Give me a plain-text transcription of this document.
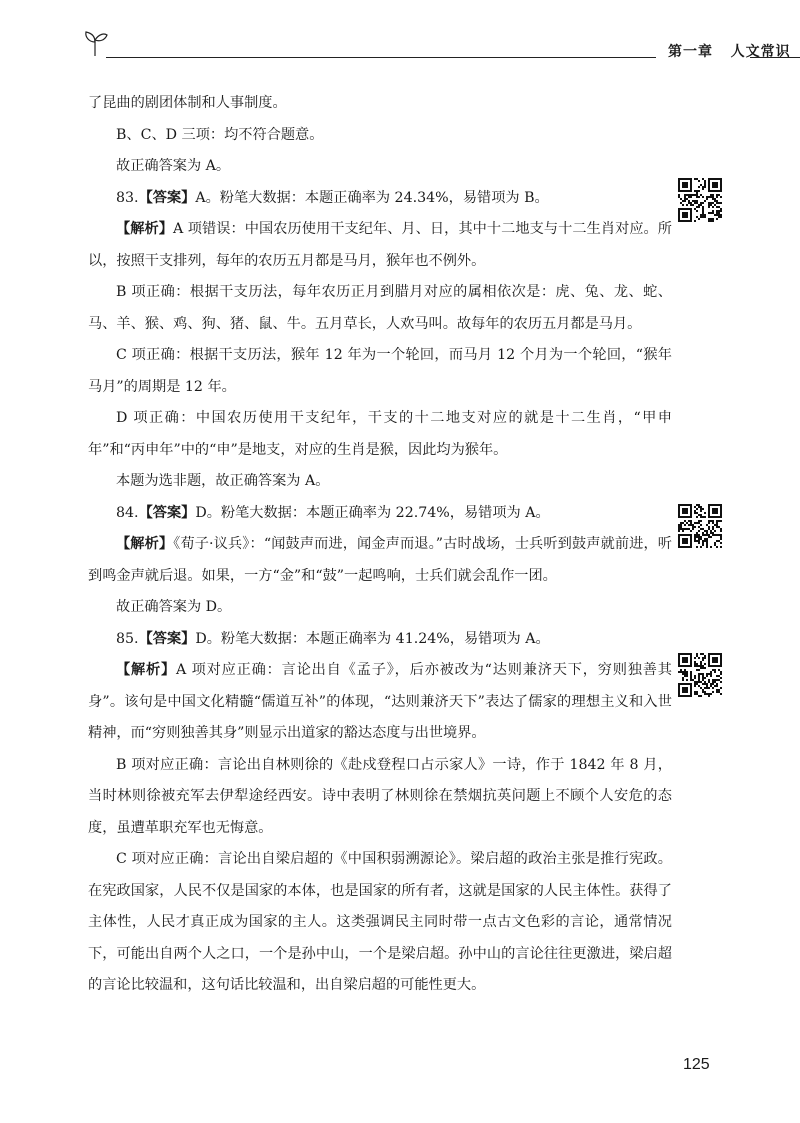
第一章 人文常识

了昆曲的剧团体制和人事制度。

B、C、D 三项：均不符合题意。

故正确答案为 A。

83.【答案】A。粉笔大数据：本题正确率为 24.34%，易错项为 B。

【解析】A 项错误：中国农历使用干支纪年、月、日，其中十二地支与十二生肖对应。所以，按照干支排列，每年的农历五月都是马月，猴年也不例外。

B 项正确：根据干支历法，每年农历正月到腊月对应的属相依次是：虎、兔、龙、蛇、马、羊、猴、鸡、狗、猪、鼠、牛。五月草长，人欢马叫。故每年的农历五月都是马月。

C 项正确：根据干支历法，猴年 12 年为一个轮回，而马月 12 个月为一个轮回，“猴年马月”的周期是 12 年。

D 项正确：中国农历使用干支纪年，干支的十二地支对应的就是十二生肖，“甲申年”和“丙申年”中的“申”是地支，对应的生肖是猴，因此均为猴年。

本题为选非题，故正确答案为 A。

84.【答案】D。粉笔大数据：本题正确率为 22.74%，易错项为 A。

【解析】《荀子·议兵》：“闻鼓声而进，闻金声而退。”古时战场，士兵听到鼓声就前进，听到鸣金声就后退。如果，一方“金”和“鼓”一起鸣响，士兵们就会乱作一团。

故正确答案为 D。

85.【答案】D。粉笔大数据：本题正确率为 41.24%，易错项为 A。

【解析】A 项对应正确：言论出自《孟子》，后亦被改为“达则兼济天下，穷则独善其身”。该句是中国文化精髓“儒道互补”的体现，“达则兼济天下”表达了儒家的理想主义和入世精神，而“穷则独善其身”则显示出道家的豁达态度与出世境界。

B 项对应正确：言论出自林则徐的《赴戍登程口占示家人》一诗，作于 1842 年 8 月，当时林则徐被充军去伊犁途经西安。诗中表明了林则徐在禁烟抗英问题上不顾个人安危的态度，虽遭革职充军也无悔意。

C 项对应正确：言论出自梁启超的《中国积弱溯源论》。梁启超的政治主张是推行宪政。在宪政国家，人民不仅是国家的本体，也是国家的所有者，这就是国家的人民主体性。获得了主体性，人民才真正成为国家的主人。这类强调民主同时带一点古文色彩的言论，通常情况下，可能出自两个人之口，一个是孙中山，一个是梁启超。孙中山的言论往往更激进，梁启超的言论比较温和，这句话比较温和，出自梁启超的可能性更大。

125
